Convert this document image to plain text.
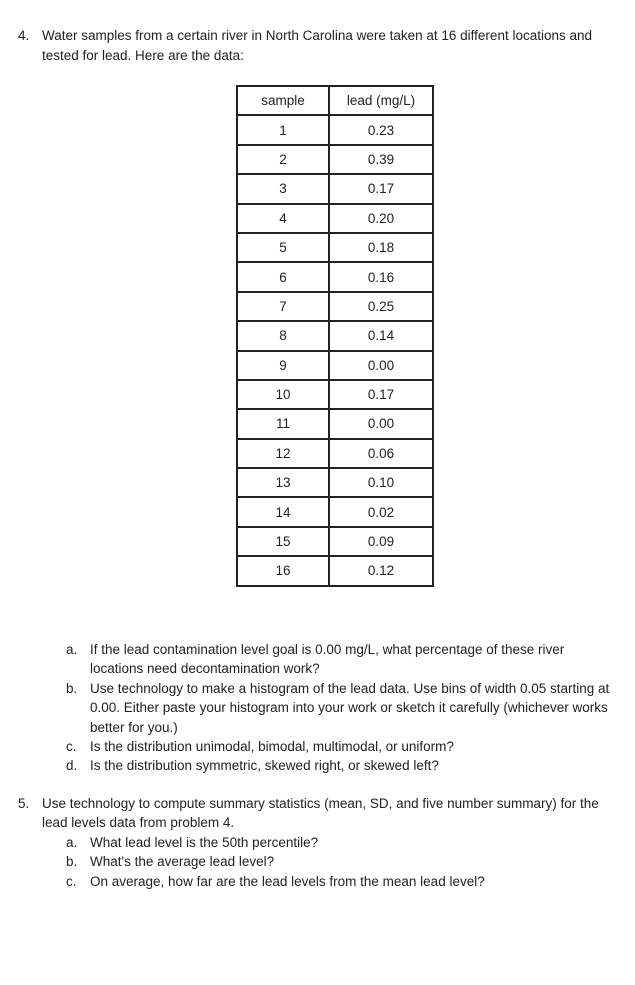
4. Water samples from a certain river in North Carolina were taken at 16 different locations and tested for lead. Here are the data:
sample	lead (mg/L)
1	0.23
2	0.39
3	0.17
4	0.20
5	0.18
6	0.16
7	0.25
8	0.14
9	0.00
10	0.17
11	0.00
12	0.06
13	0.10
14	0.02
15	0.09
16	0.12
a. If the lead contamination level goal is 0.00 mg/L, what percentage of these river locations need decontamination work?
b. Use technology to make a histogram of the lead data. Use bins of width 0.05 starting at 0.00. Either paste your histogram into your work or sketch it carefully (whichever works better for you.)
c. Is the distribution unimodal, bimodal, multimodal, or uniform?
d. Is the distribution symmetric, skewed right, or skewed left?
5. Use technology to compute summary statistics (mean, SD, and five number summary) for the lead levels data from problem 4.
a. What lead level is the 50th percentile?
b. What's the average lead level?
c. On average, how far are the lead levels from the mean lead level?
